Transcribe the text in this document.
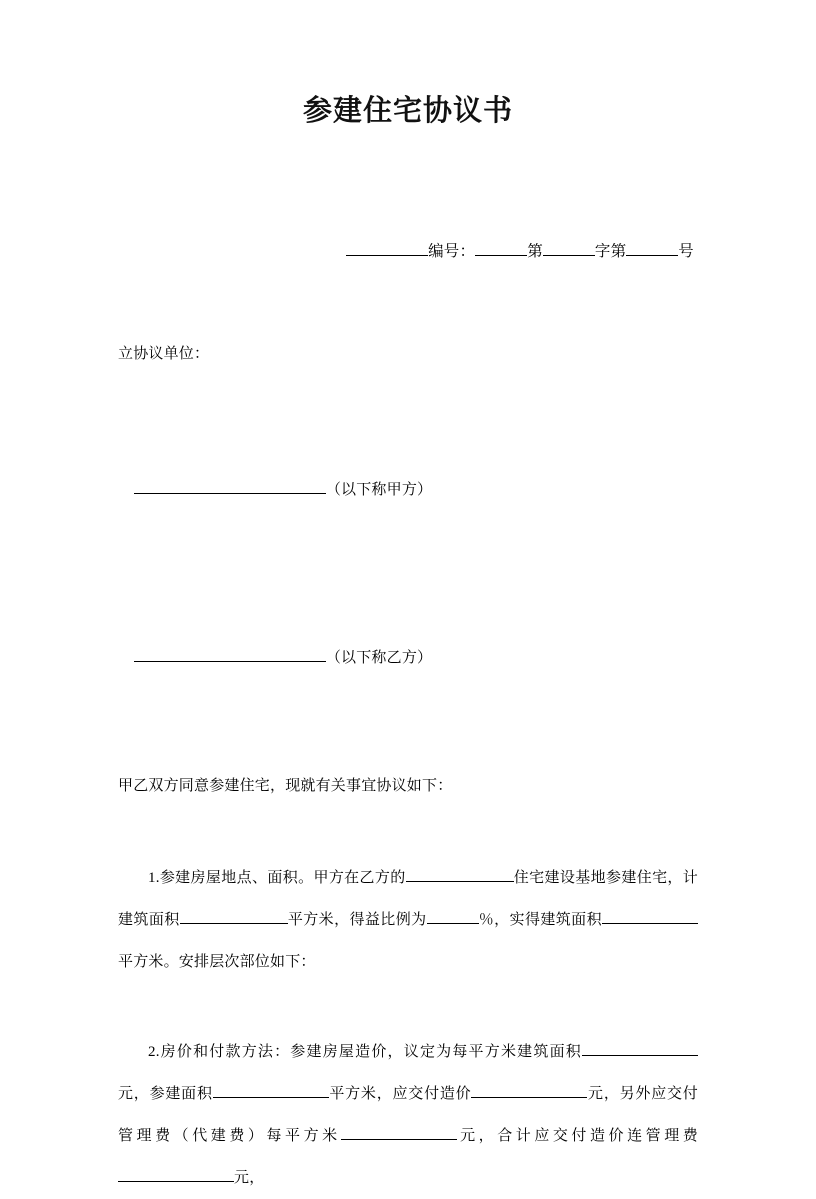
参建住宅协议书
编号：	第	字第	号

立协议单位：

（以下称甲方）

（以下称乙方）

甲乙双方同意参建住宅，现就有关事宜协议如下：

1.参建房屋地点、面积。甲方在乙方的	住宅建设基地参建住宅，计建筑面积	平方米，得益比例为	％，实得建筑面积平方米。安排层次部位如下：

2.房价和付款方法：参建房屋造价，议定为每平方米建筑面积元，参建面积	平方米，应交付造价	元，另外应交付管理费（代建费）每平方米	元，合计应交付造价连管理费元，
